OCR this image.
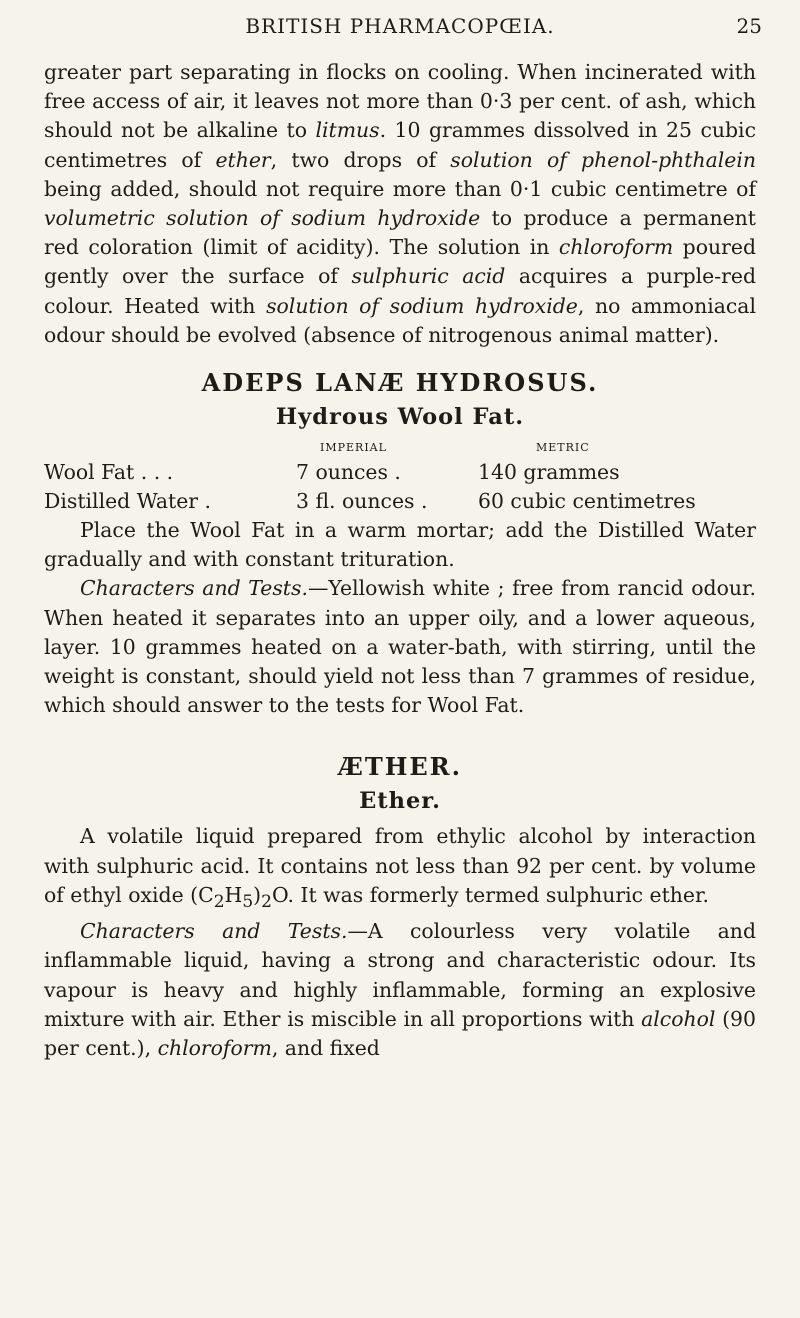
BRITISH PHARMACOPŒIA.	25

greater part separating in flocks on cooling. When incinerated with free access of air, it leaves not more than 0·3 per cent. of ash, which should not be alkaline to litmus. 10 grammes dissolved in 25 cubic centimetres of ether, two drops of solution of phenol-phthalein being added, should not require more than 0·1 cubic centimetre of volumetric solution of sodium hydroxide to produce a permanent red coloration (limit of acidity). The solution in chloroform poured gently over the surface of sulphuric acid acquires a purple-red colour. Heated with solution of sodium hydroxide, no ammoniacal odour should be evolved (absence of nitrogenous animal matter).

ADEPS LANÆ HYDROSUS.
Hydrous Wool Fat.
IMPERIAL	METRIC
Wool Fat . . .	7 ounces .	140 grammes
Distilled Water .	3 fl. ounces .	60 cubic centimetres

Place the Wool Fat in a warm mortar; add the Distilled Water gradually and with constant trituration.

Characters and Tests.—Yellowish white ; free from rancid odour. When heated it separates into an upper oily, and a lower aqueous, layer. 10 grammes heated on a water-bath, with stirring, until the weight is constant, should yield not less than 7 grammes of residue, which should answer to the tests for Wool Fat.

ÆTHER.
Ether.

A volatile liquid prepared from ethylic alcohol by interaction with sulphuric acid. It contains not less than 92 per cent. by volume of ethyl oxide $(C_2H_5)_2O$. It was formerly termed sulphuric ether.

Characters and Tests.—A colourless very volatile and inflammable liquid, having a strong and characteristic odour. Its vapour is heavy and highly inflammable, forming an explosive mixture with air. Ether is miscible in all proportions with alcohol (90 per cent.), chloroform, and fixed
